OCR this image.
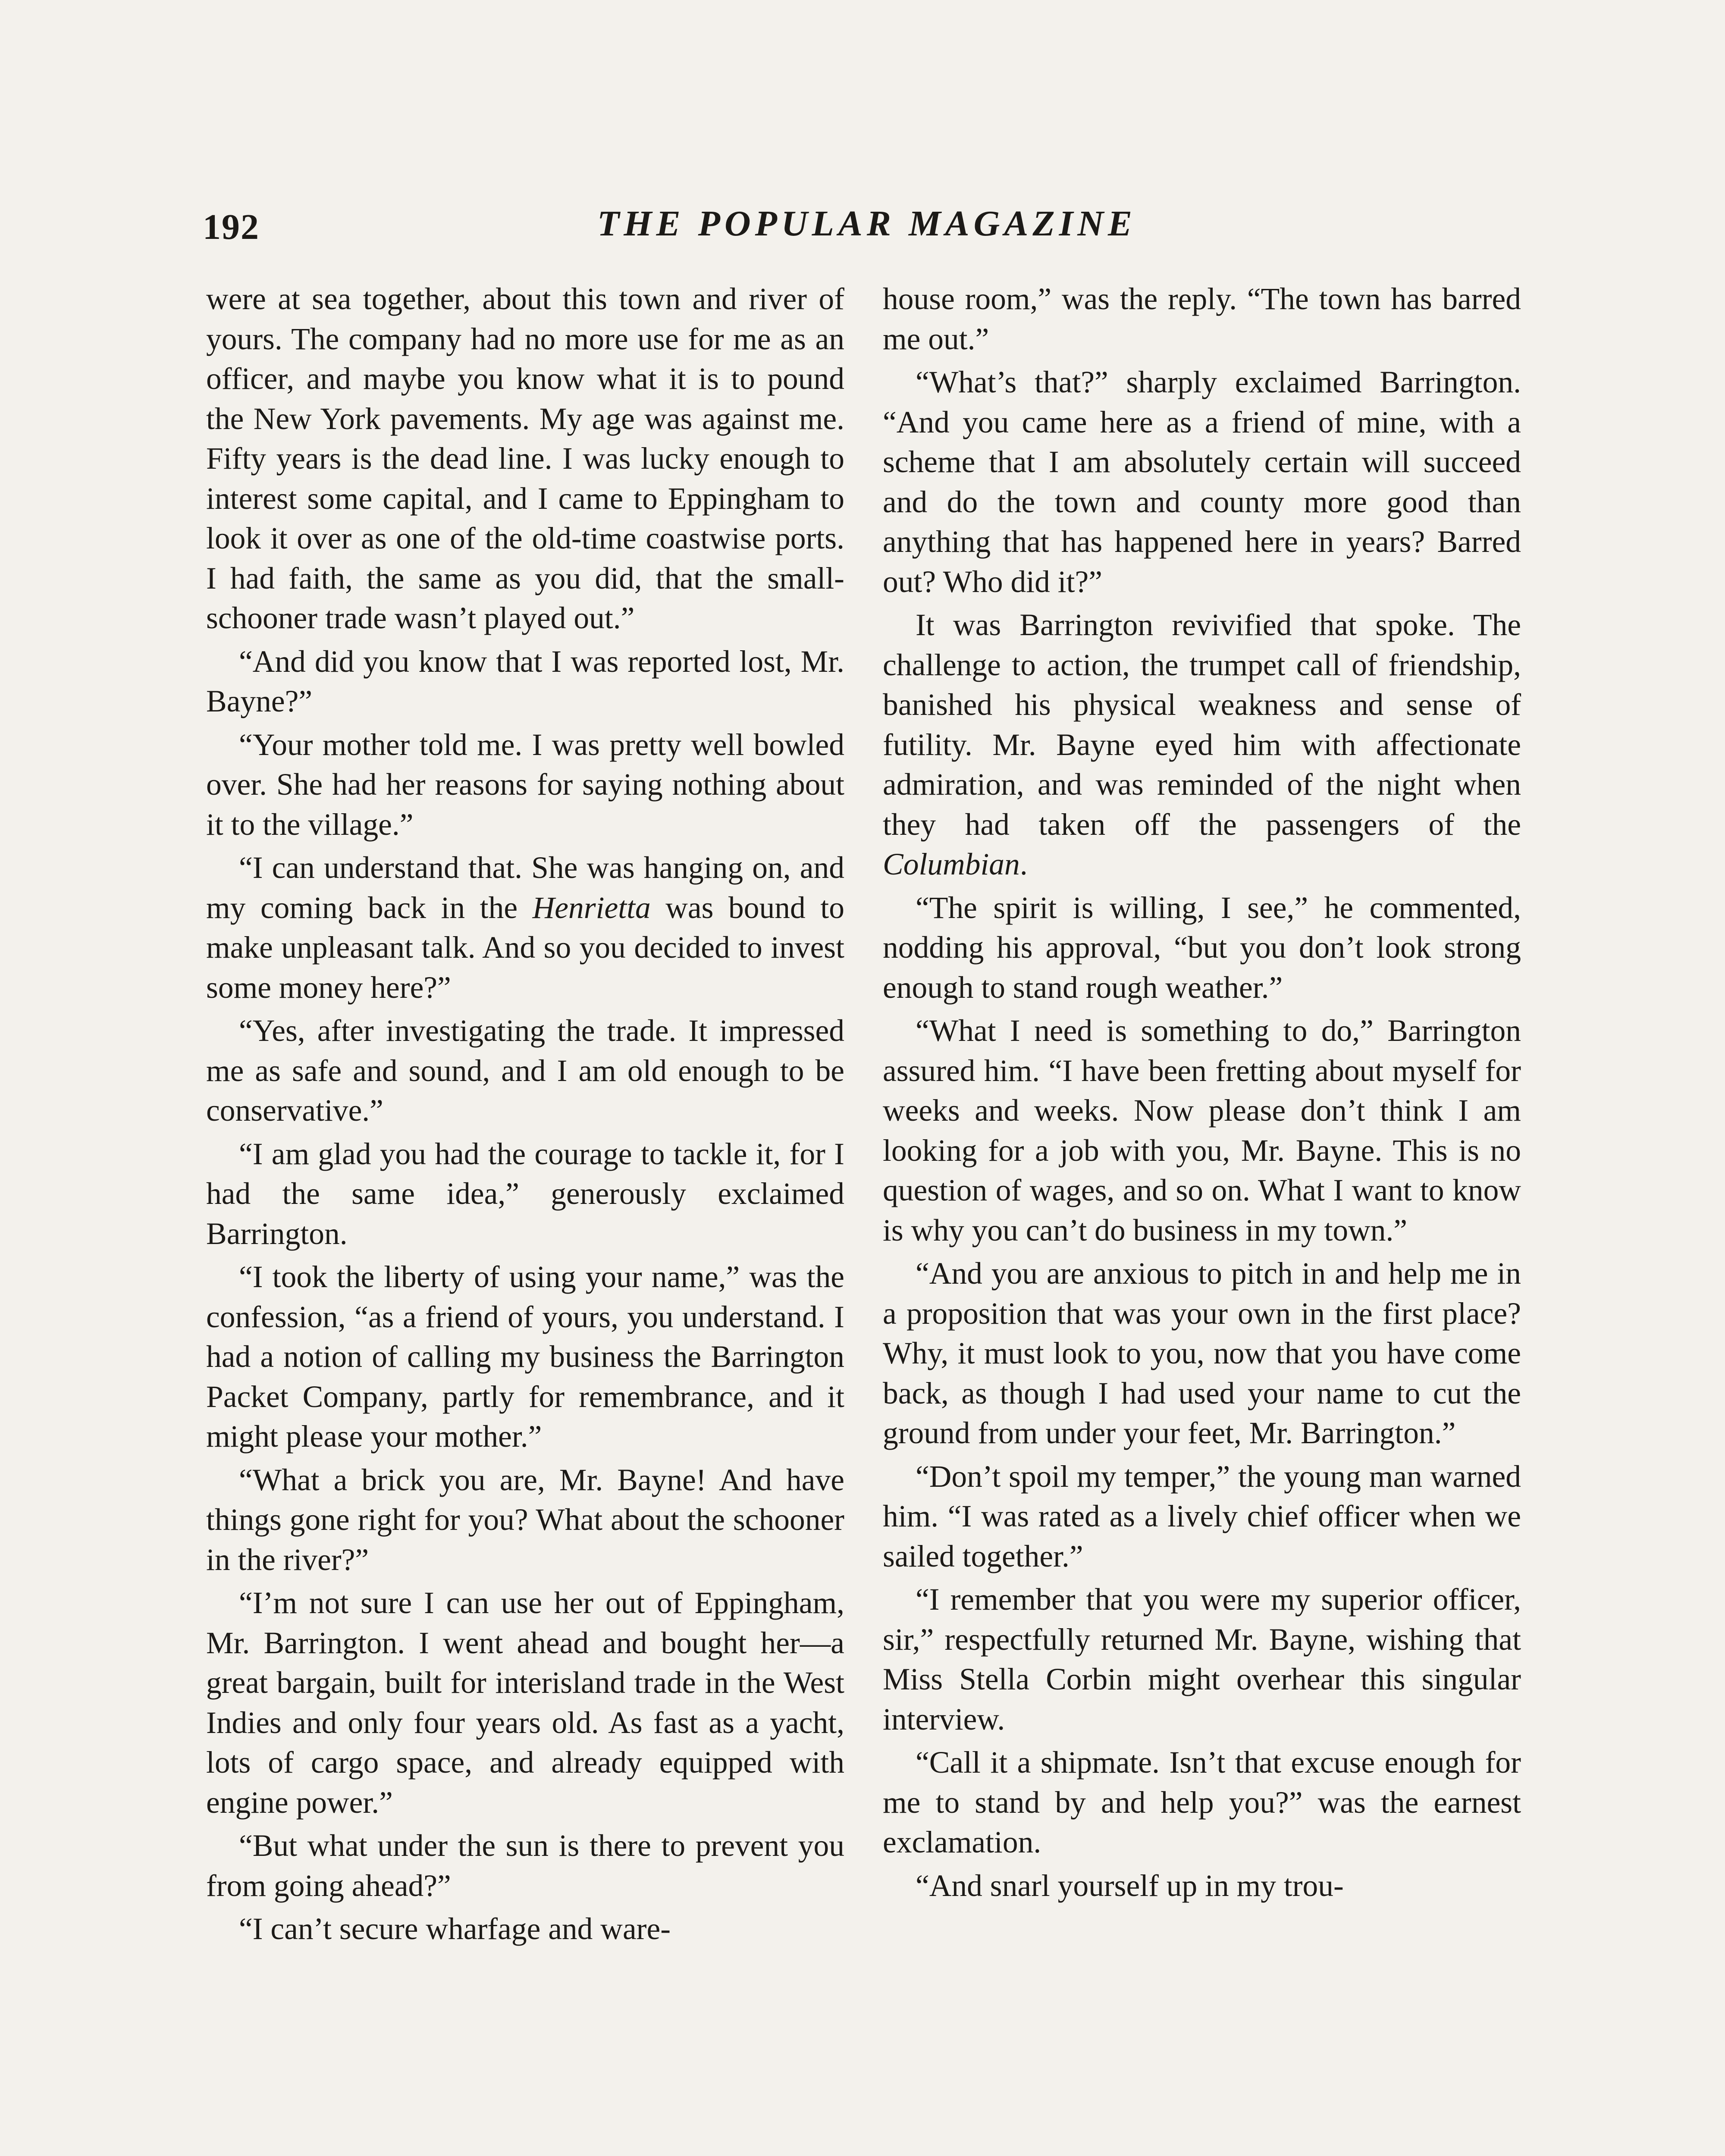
192	THE POPULAR MAGAZINE

were at sea together, about this town and river of yours. The company had no more use for me as an officer, and maybe you know what it is to pound the New York pavements. My age was against me. Fifty years is the dead line. I was lucky enough to interest some capital, and I came to Eppingham to look it over as one of the old-time coastwise ports. I had faith, the same as you did, that the small-schooner trade wasn’t played out.”

“And did you know that I was reported lost, Mr. Bayne?”

“Your mother told me. I was pretty well bowled over. She had her reasons for saying nothing about it to the village.”

“I can understand that. She was hanging on, and my coming back in the Henrietta was bound to make unpleasant talk. And so you decided to invest some money here?”

“Yes, after investigating the trade. It impressed me as safe and sound, and I am old enough to be conservative.”

“I am glad you had the courage to tackle it, for I had the same idea,” generously exclaimed Barrington.

“I took the liberty of using your name,” was the confession, “as a friend of yours, you understand. I had a notion of calling my business the Barrington Packet Company, partly for remembrance, and it might please your mother.”

“What a brick you are, Mr. Bayne! And have things gone right for you? What about the schooner in the river?”

“I’m not sure I can use her out of Eppingham, Mr. Barrington. I went ahead and bought her—a great bargain, built for interisland trade in the West Indies and only four years old. As fast as a yacht, lots of cargo space, and already equipped with engine power.”

“But what under the sun is there to prevent you from going ahead?”

“I can’t secure wharfage and ware-

house room,” was the reply. “The town has barred me out.”

“What’s that?” sharply exclaimed Barrington. “And you came here as a friend of mine, with a scheme that I am absolutely certain will succeed and do the town and county more good than anything that has happened here in years? Barred out? Who did it?”

It was Barrington revivified that spoke. The challenge to action, the trumpet call of friendship, banished his physical weakness and sense of futility. Mr. Bayne eyed him with affectionate admiration, and was reminded of the night when they had taken off the passengers of the Columbian.

“The spirit is willing, I see,” he commented, nodding his approval, “but you don’t look strong enough to stand rough weather.”

“What I need is something to do,” Barrington assured him. “I have been fretting about myself for weeks and weeks. Now please don’t think I am looking for a job with you, Mr. Bayne. This is no question of wages, and so on. What I want to know is why you can’t do business in my town.”

“And you are anxious to pitch in and help me in a proposition that was your own in the first place? Why, it must look to you, now that you have come back, as though I had used your name to cut the ground from under your feet, Mr. Barrington.”

“Don’t spoil my temper,” the young man warned him. “I was rated as a lively chief officer when we sailed together.”

“I remember that you were my superior officer, sir,” respectfully returned Mr. Bayne, wishing that Miss Stella Corbin might overhear this singular interview.

“Call it a shipmate. Isn’t that excuse enough for me to stand by and help you?” was the earnest exclamation.

“And snarl yourself up in my trou-
